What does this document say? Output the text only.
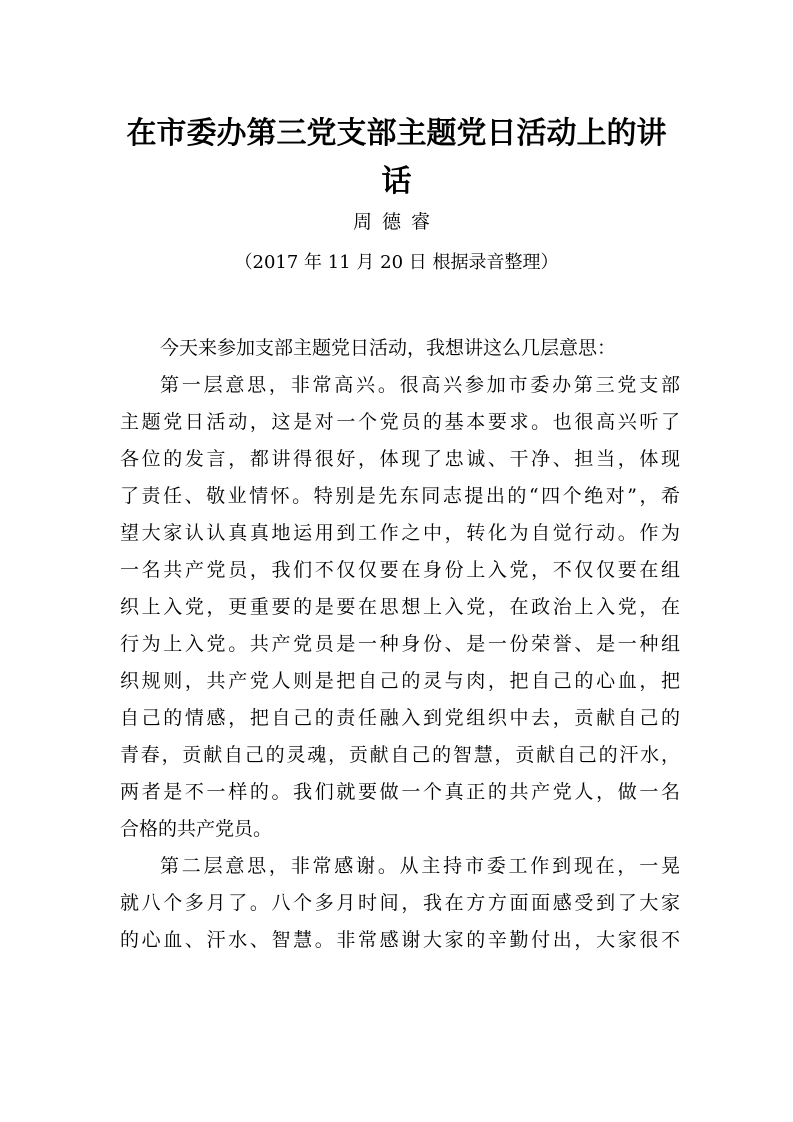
在市委办第三党支部主题党日活动上的讲
话
周德睿
（2017 年 11 月 20 日 根据录音整理）
今天来参加支部主题党日活动，我想讲这么几层意思：
第一层意思，非常高兴。很高兴参加市委办第三党支部
主题党日活动，这是对一个党员的基本要求。也很高兴听了
各位的发言，都讲得很好，体现了忠诚、干净、担当，体现
了责任、敬业情怀。特别是先东同志提出的“四个绝对”，希
望大家认认真真地运用到工作之中，转化为自觉行动。作为
一名共产党员，我们不仅仅要在身份上入党，不仅仅要在组
织上入党，更重要的是要在思想上入党，在政治上入党，在
行为上入党。共产党员是一种身份、是一份荣誉、是一种组
织规则，共产党人则是把自己的灵与肉，把自己的心血，把
自己的情感，把自己的责任融入到党组织中去，贡献自己的
青春，贡献自己的灵魂，贡献自己的智慧，贡献自己的汗水，
两者是不一样的。我们就要做一个真正的共产党人，做一名
合格的共产党员。
第二层意思，非常感谢。从主持市委工作到现在，一晃
就八个多月了。八个多月时间，我在方方面面感受到了大家
的心血、汗水、智慧。非常感谢大家的辛勤付出，大家很不
